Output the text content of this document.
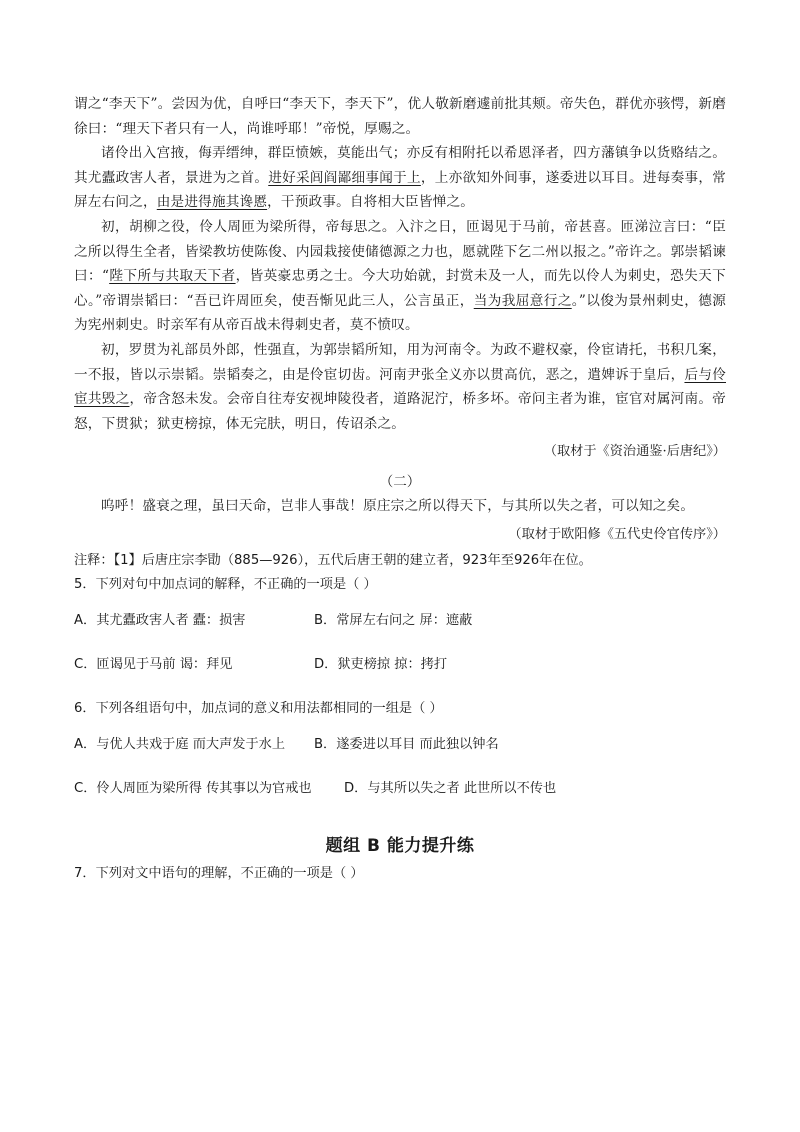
谓之“李天下”。尝因为优，自呼曰“李天下，李天下”，优人敬新磨遽前批其颊。帝失色，群优亦骇愕，新磨徐曰：“理天下者只有一人，尚谁呼耶！”帝悦，厚赐之。

诸伶出入宫掖，侮弄缙绅，群臣愤嫉，莫能出气；亦反有相附托以希恩泽者，四方藩镇争以货赂结之。其尤蠹政害人者，景进为之首。进好采闾阎鄙细事闻于上，上亦欲知外间事，遂委进以耳目。进每奏事，常屏左右问之，由是进得施其谗慝，干预政事。自将相大臣皆惮之。

初，胡柳之役，伶人周匝为梁所得，帝每思之。入汴之日，匝谒见于马前，帝甚喜。匝涕泣言曰：“臣之所以得生全者，皆梁教坊使陈俊、内园栽接使储德源之力也，愿就陛下乞二州以报之。”帝许之。郭崇韬谏曰：“陛下所与共取天下者，皆英豪忠勇之士。今大功始就，封赏未及一人，而先以伶人为刺史，恐失天下心。”帝谓崇韬曰：“吾已许周匝矣，使吾惭见此三人，公言虽正，当为我屈意行之。”以俊为景州刺史，德源为宪州刺史。时亲军有从帝百战未得刺史者，莫不愤叹。

初，罗贯为礼部员外郎，性强直，为郭崇韬所知，用为河南令。为政不避权豪，伶宦请托，书积几案，一不报，皆以示崇韬。崇韬奏之，由是伶宦切齿。河南尹张全义亦以贯高伉，恶之，遣婢诉于皇后，后与伶宦共毁之，帝含怒未发。会帝自往寿安视坤陵役者，道路泥泞，桥多坏。帝问主者为谁，宦官对属河南。帝怒，下贯狱；狱吏榜掠，体无完肤，明日，传诏杀之。

（取材于《资治通鉴·后唐纪》）
（二）

呜呼！盛衰之理，虽曰天命，岂非人事哉！原庄宗之所以得天下，与其所以失之者，可以知之矣。

（取材于欧阳修《五代史伶官传序》）
注释：【1】后唐庄宗李勖（885—926），五代后唐王朝的建立者，923年至926年在位。
5．下列对句中加点词的解释，不正确的一项是（ ）
A．其尤蠹政害人者 蠹：损害	B．常屏左右问之 屏：遮蔽
C．匝谒见于马前 谒：拜见	D．狱吏榜掠 掠：拷打
6．下列各组语句中，加点词的意义和用法都相同的一组是（ ）
A．与优人共戏于庭 而大声发于水上	B．遂委进以耳目 而此独以钟名
C．伶人周匝为梁所得 传其事以为官戒也	D．与其所以失之者 此世所以不传也
题组 B 能力提升练
7．下列对文中语句的理解，不正确的一项是（ ）
